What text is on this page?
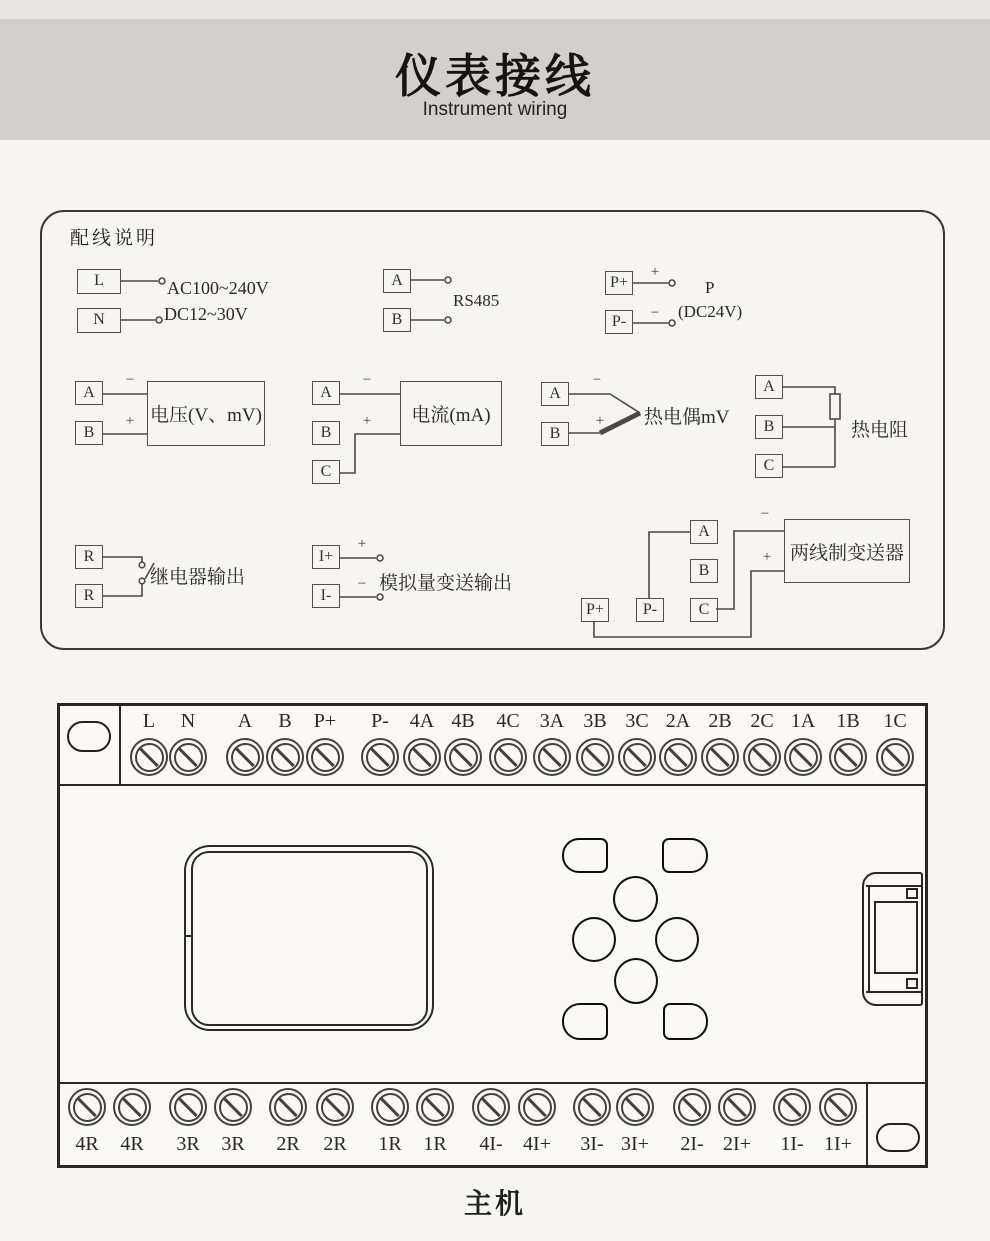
仪表接线
Instrument wiring
配线说明
L
N
A
B
P+
P-
A
B
电压(V、mV)
A
B
C
电流(mA)
A
B
A
B
C
R
R
I+
I-
A
B
C
P+	P-
两线制变送器
AC100~240V
DC12~30V
RS485
+
−
P
(DC24V)
−
+
−
+
−
+ 热电偶mV
热电阻
继电器输出
+
− 模拟量变送输出
−
+
L	N	A	B	P+	P-	4A 4B	4C	3A 3B 3C 2A 2B 2C 1A	1B	1C
4R	4R	3R	3R	2R	2R	1R	1R	4I-	4I+	3I- 3I+	2I- 2I+	1I-	1I+
主机
